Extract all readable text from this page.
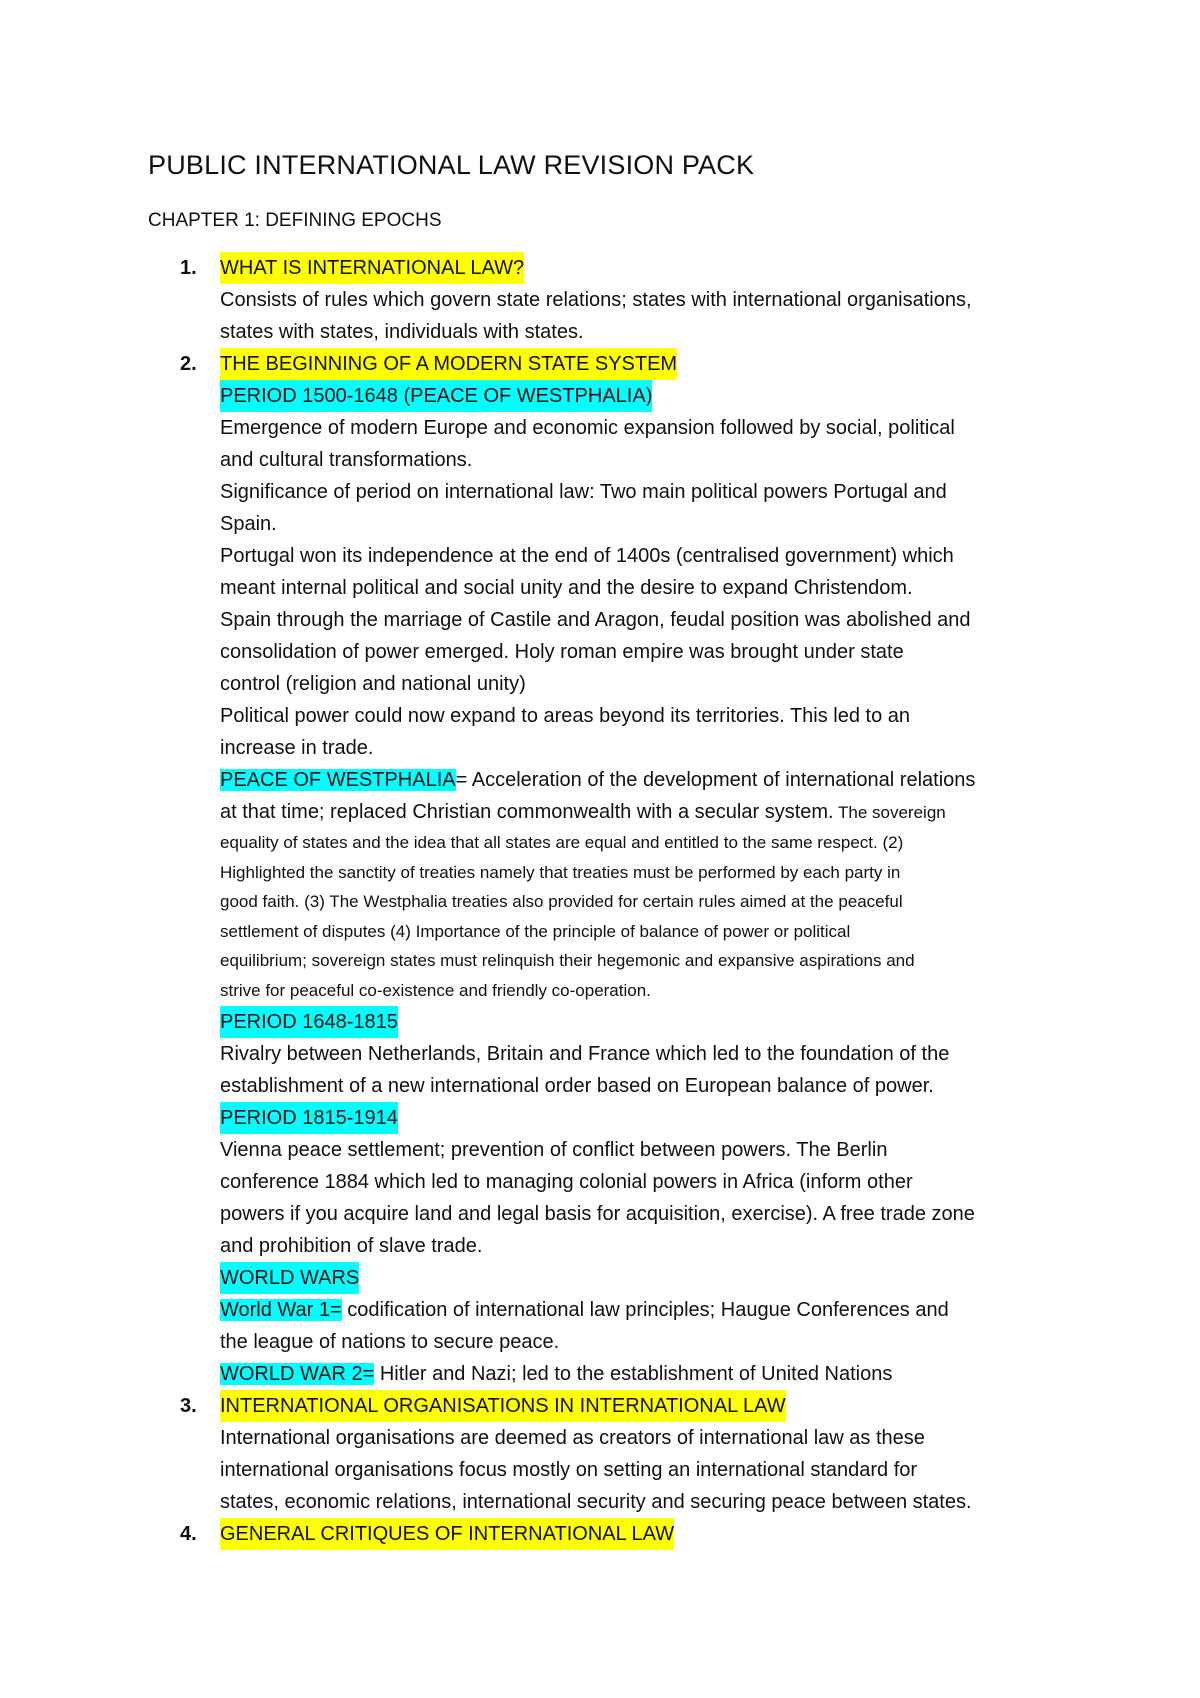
PUBLIC INTERNATIONAL LAW REVISION PACK
CHAPTER 1: DEFINING EPOCHS
1. WHAT IS INTERNATIONAL LAW?
Consists of rules which govern state relations; states with international organisations,
states with states, individuals with states.
2. THE BEGINNING OF A MODERN STATE SYSTEM
PERIOD 1500-1648 (PEACE OF WESTPHALIA)
Emergence of modern Europe and economic expansion followed by social, political
and cultural transformations.
Significance of period on international law: Two main political powers Portugal and
Spain.
Portugal won its independence at the end of 1400s (centralised government) which
meant internal political and social unity and the desire to expand Christendom.
Spain through the marriage of Castile and Aragon, feudal position was abolished and
consolidation of power emerged. Holy roman empire was brought under state
control (religion and national unity)
Political power could now expand to areas beyond its territories. This led to an
increase in trade.
PEACE OF WESTPHALIA= Acceleration of the development of international relations
at that time; replaced Christian commonwealth with a secular system. The sovereign
equality of states and the idea that all states are equal and entitled to the same respect. (2)
Highlighted the sanctity of treaties namely that treaties must be performed by each party in
good faith. (3) The Westphalia treaties also provided for certain rules aimed at the peaceful
settlement of disputes (4) Importance of the principle of balance of power or political
equilibrium; sovereign states must relinquish their hegemonic and expansive aspirations and
strive for peaceful co-existence and friendly co-operation.
PERIOD 1648-1815
Rivalry between Netherlands, Britain and France which led to the foundation of the
establishment of a new international order based on European balance of power.
PERIOD 1815-1914
Vienna peace settlement; prevention of conflict between powers. The Berlin
conference 1884 which led to managing colonial powers in Africa (inform other
powers if you acquire land and legal basis for acquisition, exercise). A free trade zone
and prohibition of slave trade.
WORLD WARS
World War 1= codification of international law principles; Haugue Conferences and
the league of nations to secure peace.
WORLD WAR 2= Hitler and Nazi; led to the establishment of United Nations
3. INTERNATIONAL ORGANISATIONS IN INTERNATIONAL LAW
International organisations are deemed as creators of international law as these
international organisations focus mostly on setting an international standard for
states, economic relations, international security and securing peace between states.
4. GENERAL CRITIQUES OF INTERNATIONAL LAW
